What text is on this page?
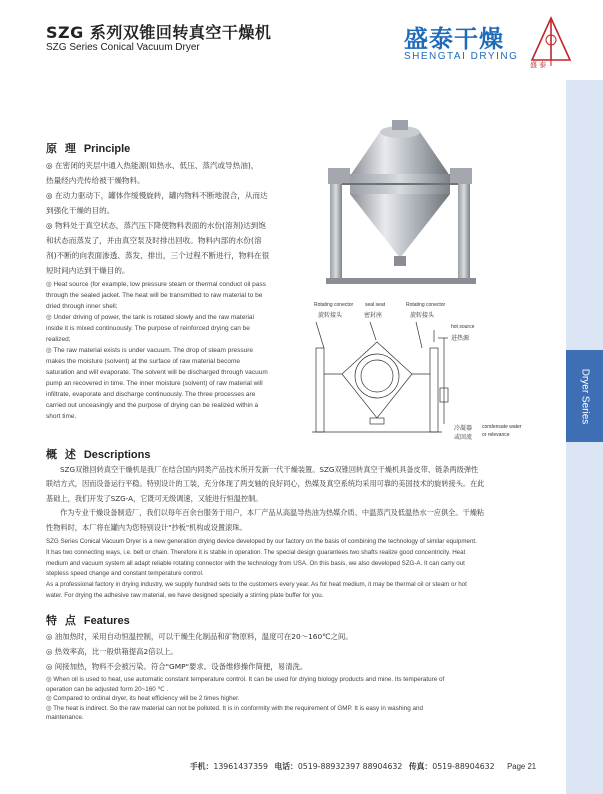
SZG 系列双锥回转真空干燥机
SZG Series Conical Vacuum Dryer	盛泰干燥
SHENGTAI DRYING
盛 泰
Dryer Series
原 理 Principle
◎ 在密闭的夹层中通入热能源(如热水、低压、蒸汽或导热油)，
热量经内壳传给被干燥物料。
◎ 在动力驱动下，罐体作缓慢旋转，罐内物料不断地混合，从而达
到强化干燥的目的。
◎ 物料处于真空状态，蒸汽压下降使物料表面的水份(溶剂)达到饱
和状态而蒸发了，并由真空泵及时排出回收。物料内部的水份(溶
剂)不断的向表面渗透、蒸发、排出，三个过程不断进行，物料在很
短时间内达到干燥目的。
◎ Heat source (for example, low pressure steam or thermal conduct oil pass
through the sealed jacket. The heat will be transmitted to raw material to be
dried through inner shell;
◎ Under driving of power, the tank is rotated slowly and the raw material
inside it is mixed continuously. The purpose of reinforced drying can be
realized;
◎ The raw material exists is under vacuum. The drop of steam pressure
makes the moisture (solvent) at the surface of raw material become
saturation and will evaporate. The solvent will be discharged through vacuum
pump an recovered in time. The inner moisture (solvent) of raw material will
infiltrate, evaporate and discharge continuously. The three processes are
carried out unceasingly and the purpose of drying can be realized within a
short time.
Rotating conector
旋转接头
seal seat
密封座
Rotating conector
旋转接头
hot source
进热源
冷凝器
或回流
condensate water
or relevance
概 述 Descriptions
SZG双锥回转真空干燥机是我厂在结合国内同类产品技术所开发新一代干燥装置。SZG双锥回转真空干燥机具备皮带、链条两级弹性
联结方式，因而设备运行平稳。特别设计的工装，充分体现了两支轴的良好同心，热媒及真空系统均采用可靠的美国技术的旋转接头。在此
基础上，我们开发了SZG-A，它既可无级调速，又能进行恒温控制。
作为专业干燥设备制造厂，我们以每年百余台服务于用户，本厂产品从高温导热油为热媒介质、中温蒸汽及低温热水一应俱全。干燥粘
性物料时，本厂将在罐内为您特别设计"抄板"机构或设置滚珠。
SZG Series Conical Vacuum Dryer is a new generation drying device developed by our factory on the basis of combining the technology of similar equipment.
It has two connecting ways, i.e. belt or chain. Therefore it is stable in operation. The special design guarantees two shafts realize good concentricity. Heat
medium and vacuum system all adapt reliable rotating connector with the technology from USA. On this basis, we also developed SZG-A. It can carry out
stepless speed change and constant temperature control.
As a professional factory in drying industry, we supply hundred sets to the customers every year. As for heat medium, it may be thermal oil or steam or hot
water. For drying the adhesive raw material, we have designed specially a stirring plate buffer for you.
特 点 Features
◎ 油加热时，采用自动恒温控制，可以干燥生化制品和矿物原料，温度可在20～160℃之间。
◎ 热效率高，比一般烘箱提高2倍以上。
◎ 间接加热，物料不会被污染。符合"GMP"要求。设备维修操作简便，易清洗。
◎ When oil is used to heat, use automatic constant temperature control. It can be used for drying biology products and mine. Its temperature of
operation can be adjusted form 20~160 ℃ .
◎ Compared to ordinal dryer, its heat efficiency will be 2 times higher.
◎ The heat is indirect. So the raw material can not be polluted. It is in conformity with the requirement of GMP. It is easy in washing and
maintenance.
手机：13961437359 电话：0519-88932397 88904632 传真：0519-88904632 Page 21
